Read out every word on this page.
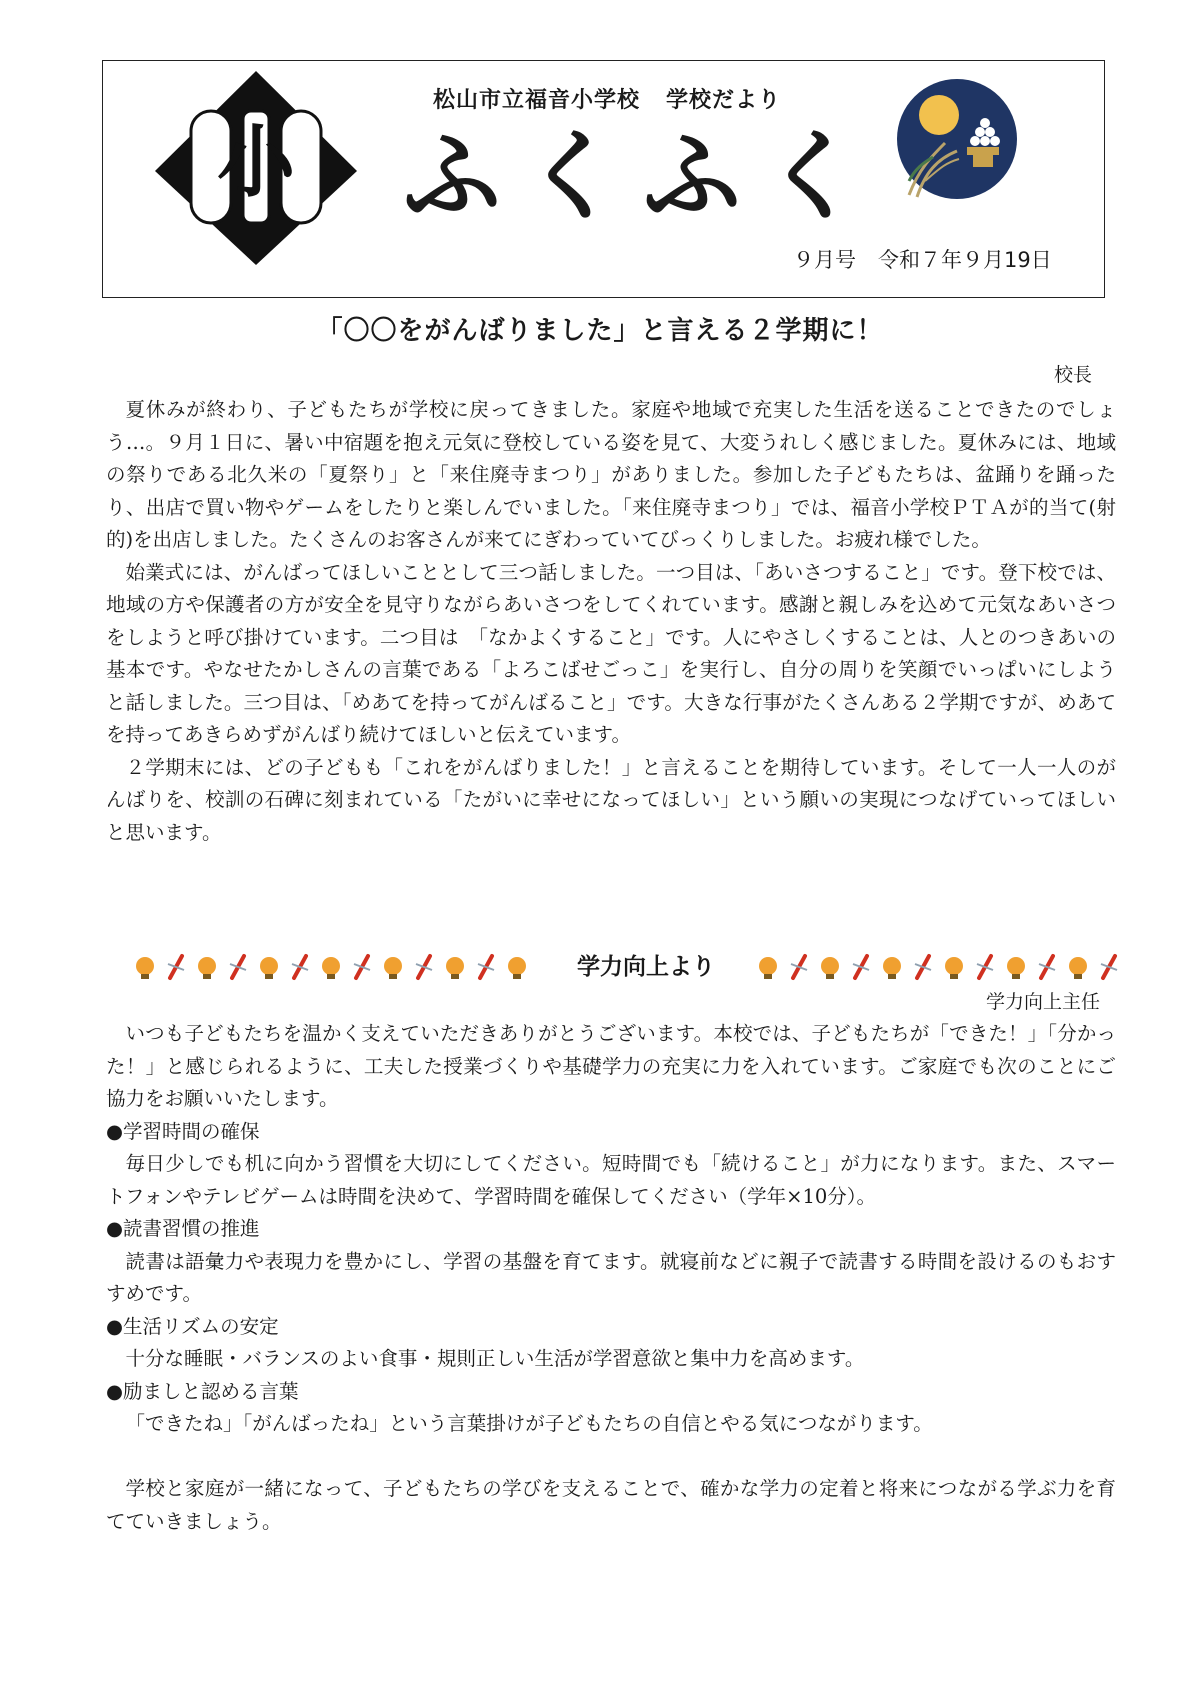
小
松山市立福音小学校 学校だより
ふくふく
９月号 令和７年９月19日
「〇〇をがんばりました」と言える２学期に！
校長

夏休みが終わり、子どもたちが学校に戻ってきました。家庭や地域で充実した生活を送ることできたのでしょう…。９月１日に、暑い中宿題を抱え元気に登校している姿を見て、大変うれしく感じました。夏休みには、地域の祭りである北久米の「夏祭り」と「来住廃寺まつり」がありました。参加した子どもたちは、盆踊りを踊ったり、出店で買い物やゲームをしたりと楽しんでいました。「来住廃寺まつり」では、福音小学校ＰＴＡが的当て(射的)を出店しました。たくさんのお客さんが来てにぎわっていてびっくりしました。お疲れ様でした。

始業式には、がんばってほしいこととして三つ話しました。一つ目は、「あいさつすること」です。登下校では、地域の方や保護者の方が安全を見守りながらあいさつをしてくれています。感謝と親しみを込めて元気なあいさつをしようと呼び掛けています。二つ目は　「なかよくすること」です。人にやさしくすることは、人とのつきあいの基本です。やなせたかしさんの言葉である「よろこばせごっこ」を実行し、自分の周りを笑顔でいっぱいにしようと話しました。三つ目は、「めあてを持ってがんばること」です。大きな行事がたくさんある２学期ですが、めあてを持ってあきらめずがんばり続けてほしいと伝えています。

２学期末には、どの子どもも「これをがんばりました！」と言えることを期待しています。そして一人一人のがんばりを、校訓の石碑に刻まれている「たがいに幸せになってほしい」という願いの実現につなげていってほしいと思います。

学力向上より
学力向上主任

いつも子どもたちを温かく支えていただきありがとうございます。本校では、子どもたちが「できた！」「分かった！」と感じられるように、工夫した授業づくりや基礎学力の充実に力を入れています。ご家庭でも次のことにご協力をお願いいたします。

●学習時間の確保

毎日少しでも机に向かう習慣を大切にしてください。短時間でも「続けること」が力になります。また、スマートフォンやテレビゲームは時間を決めて、学習時間を確保してください（学年×10分）。

●読書習慣の推進

読書は語彙力や表現力を豊かにし、学習の基盤を育てます。就寝前などに親子で読書する時間を設けるのもおすすめです。

●生活リズムの安定

十分な睡眠・バランスのよい食事・規則正しい生活が学習意欲と集中力を高めます。

●励ましと認める言葉

「できたね」「がんばったね」という言葉掛けが子どもたちの自信とやる気につながります。

学校と家庭が一緒になって、子どもたちの学びを支えることで、確かな学力の定着と将来につながる学ぶ力を育てていきましょう。
